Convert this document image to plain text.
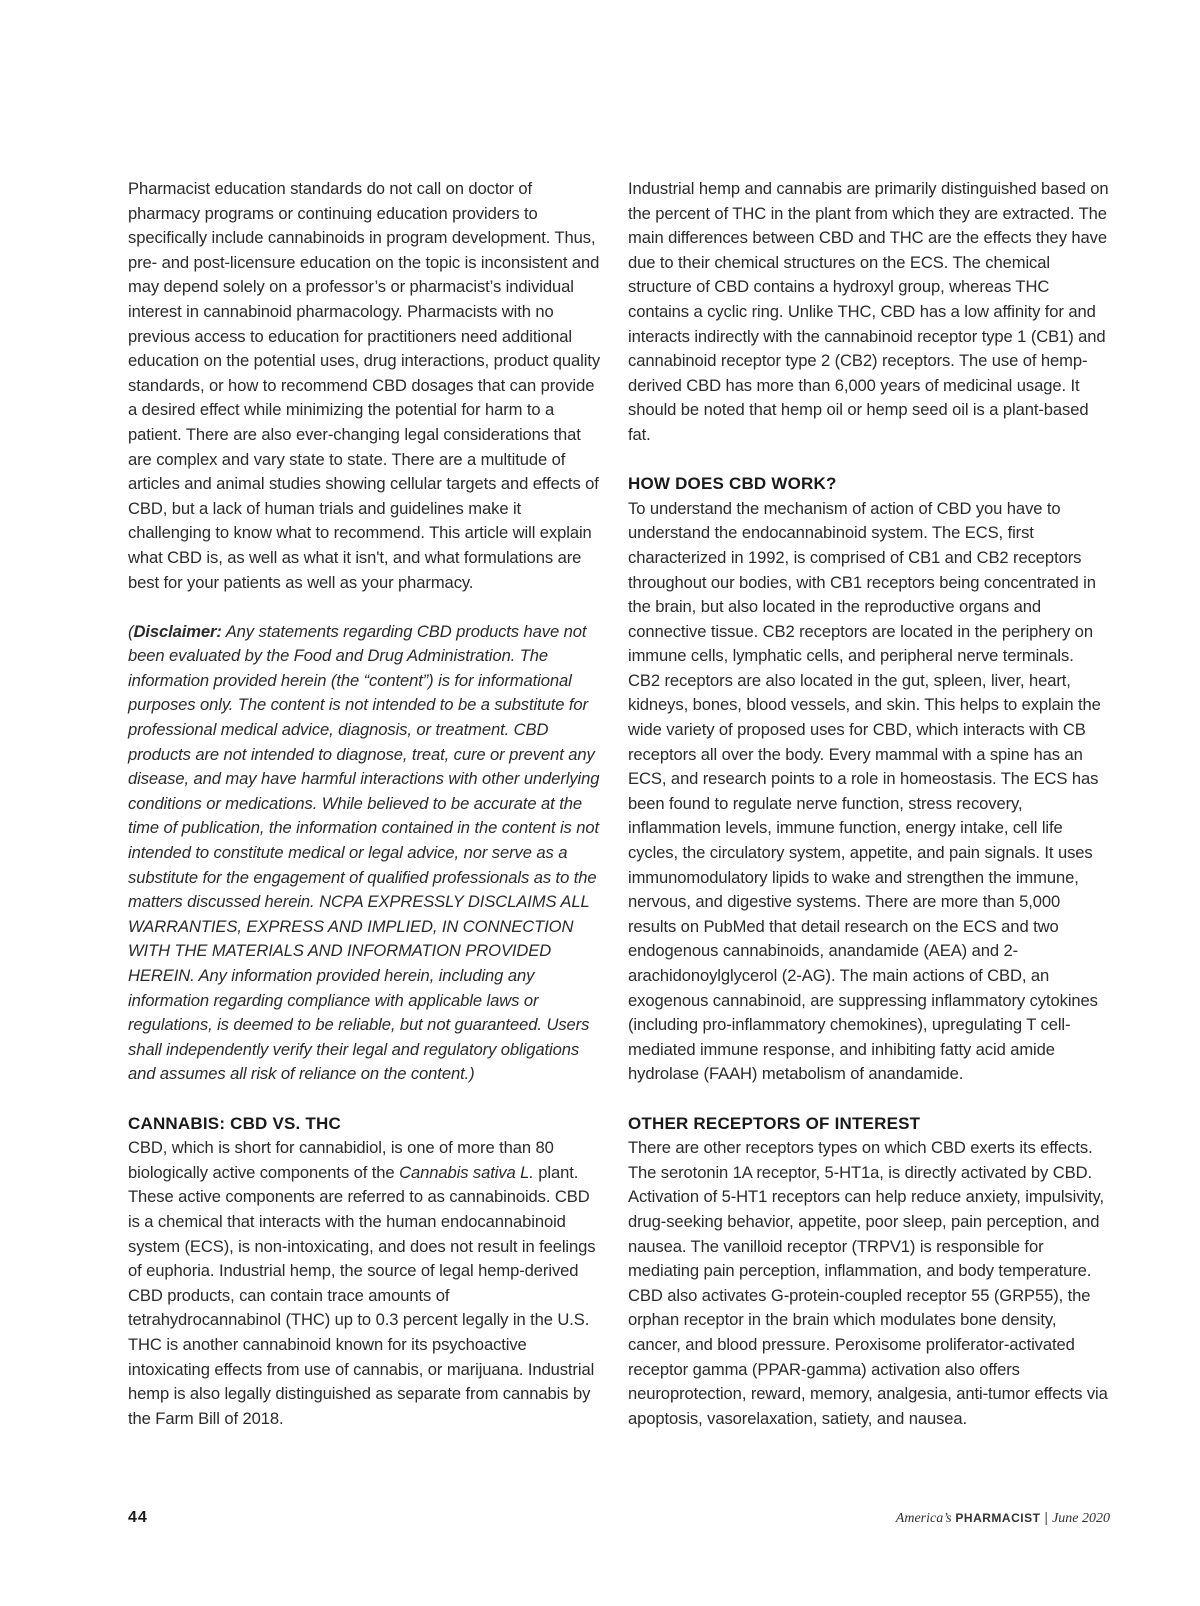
Pharmacist education standards do not call on doctor of pharmacy programs or continuing education providers to specifically include cannabinoids in program development. Thus, pre- and post-licensure education on the topic is inconsistent and may depend solely on a professor’s or pharmacist’s individual interest in cannabinoid pharmacology. Pharmacists with no previous access to education for practitioners need additional education on the potential uses, drug interactions, product quality standards, or how to recommend CBD dosages that can provide a desired effect while minimizing the potential for harm to a patient. There are also ever-changing legal considerations that are complex and vary state to state. There are a multitude of articles and animal studies showing cellular targets and effects of CBD, but a lack of human trials and guidelines make it challenging to know what to recommend. This article will explain what CBD is, as well as what it isn't, and what formulations are best for your patients as well as your pharmacy.

(Disclaimer: Any statements regarding CBD products have not been evaluated by the Food and Drug Administration. The information provided herein (the “content”) is for informational purposes only. The content is not intended to be a substitute for professional medical advice, diagnosis, or treatment. CBD products are not intended to diagnose, treat, cure or prevent any disease, and may have harmful interactions with other underlying conditions or medications. While believed to be accurate at the time of publication, the information contained in the content is not intended to constitute medical or legal advice, nor serve as a substitute for the engagement of qualified professionals as to the matters discussed herein. NCPA EXPRESSLY DISCLAIMS ALL WARRANTIES, EXPRESS AND IMPLIED, IN CONNECTION WITH THE MATERIALS AND INFORMATION PROVIDED HEREIN. Any information provided herein, including any information regarding compliance with applicable laws or regulations, is deemed to be reliable, but not guaranteed. Users shall independently verify their legal and regulatory obligations and assumes all risk of reliance on the content.)

CANNABIS: CBD VS. THC

CBD, which is short for cannabidiol, is one of more than 80 biologically active components of the Cannabis sativa L. plant. These active components are referred to as cannabinoids. CBD is a chemical that interacts with the human endocannabinoid system (ECS), is non-intoxicating, and does not result in feelings of euphoria. Industrial hemp, the source of legal hemp-derived CBD products, can contain trace amounts of tetrahydrocannabinol (THC) up to 0.3 percent legally in the U.S. THC is another cannabinoid known for its psychoactive intoxicating effects from use of cannabis, or marijuana. Industrial hemp is also legally distinguished as separate from cannabis by the Farm Bill of 2018.

Industrial hemp and cannabis are primarily distinguished based on the percent of THC in the plant from which they are extracted. The main differences between CBD and THC are the effects they have due to their chemical structures on the ECS. The chemical structure of CBD contains a hydroxyl group, whereas THC contains a cyclic ring. Unlike THC, CBD has a low affinity for and interacts indirectly with the cannabinoid receptor type 1 (CB1) and cannabinoid receptor type 2 (CB2) receptors. The use of hemp-derived CBD has more than 6,000 years of medicinal usage. It should be noted that hemp oil or hemp seed oil is a plant-based fat.

HOW DOES CBD WORK?

To understand the mechanism of action of CBD you have to understand the endocannabinoid system. The ECS, first characterized in 1992, is comprised of CB1 and CB2 receptors throughout our bodies, with CB1 receptors being concentrated in the brain, but also located in the reproductive organs and connective tissue. CB2 receptors are located in the periphery on immune cells, lymphatic cells, and peripheral nerve terminals. CB2 receptors are also located in the gut, spleen, liver, heart, kidneys, bones, blood vessels, and skin. This helps to explain the wide variety of proposed uses for CBD, which interacts with CB receptors all over the body. Every mammal with a spine has an ECS, and research points to a role in homeostasis. The ECS has been found to regulate nerve function, stress recovery, inflammation levels, immune function, energy intake, cell life cycles, the circulatory system, appetite, and pain signals. It uses immunomodulatory lipids to wake and strengthen the immune, nervous, and digestive systems. There are more than 5,000 results on PubMed that detail research on the ECS and two endogenous cannabinoids, anandamide (AEA) and 2-arachidonoylglycerol (2-AG). The main actions of CBD, an exogenous cannabinoid, are suppressing inflammatory cytokines (including pro-inflammatory chemokines), upregulating T cell-mediated immune response, and inhibiting fatty acid amide hydrolase (FAAH) metabolism of anandamide.

OTHER RECEPTORS OF INTEREST

There are other receptors types on which CBD exerts its effects. The serotonin 1A receptor, 5-HT1a, is directly activated by CBD. Activation of 5-HT1 receptors can help reduce anxiety, impulsivity, drug-seeking behavior, appetite, poor sleep, pain perception, and nausea. The vanilloid receptor (TRPV1) is responsible for mediating pain perception, inflammation, and body temperature. CBD also activates G-protein-coupled receptor 55 (GRP55), the orphan receptor in the brain which modulates bone density, cancer, and blood pressure. Peroxisome proliferator-activated receptor gamma (PPAR-gamma) activation also offers neuroprotection, reward, memory, analgesia, anti-tumor effects via apoptosis, vasorelaxation, satiety, and nausea.

44	America’s PHARMACIST | June 2020
